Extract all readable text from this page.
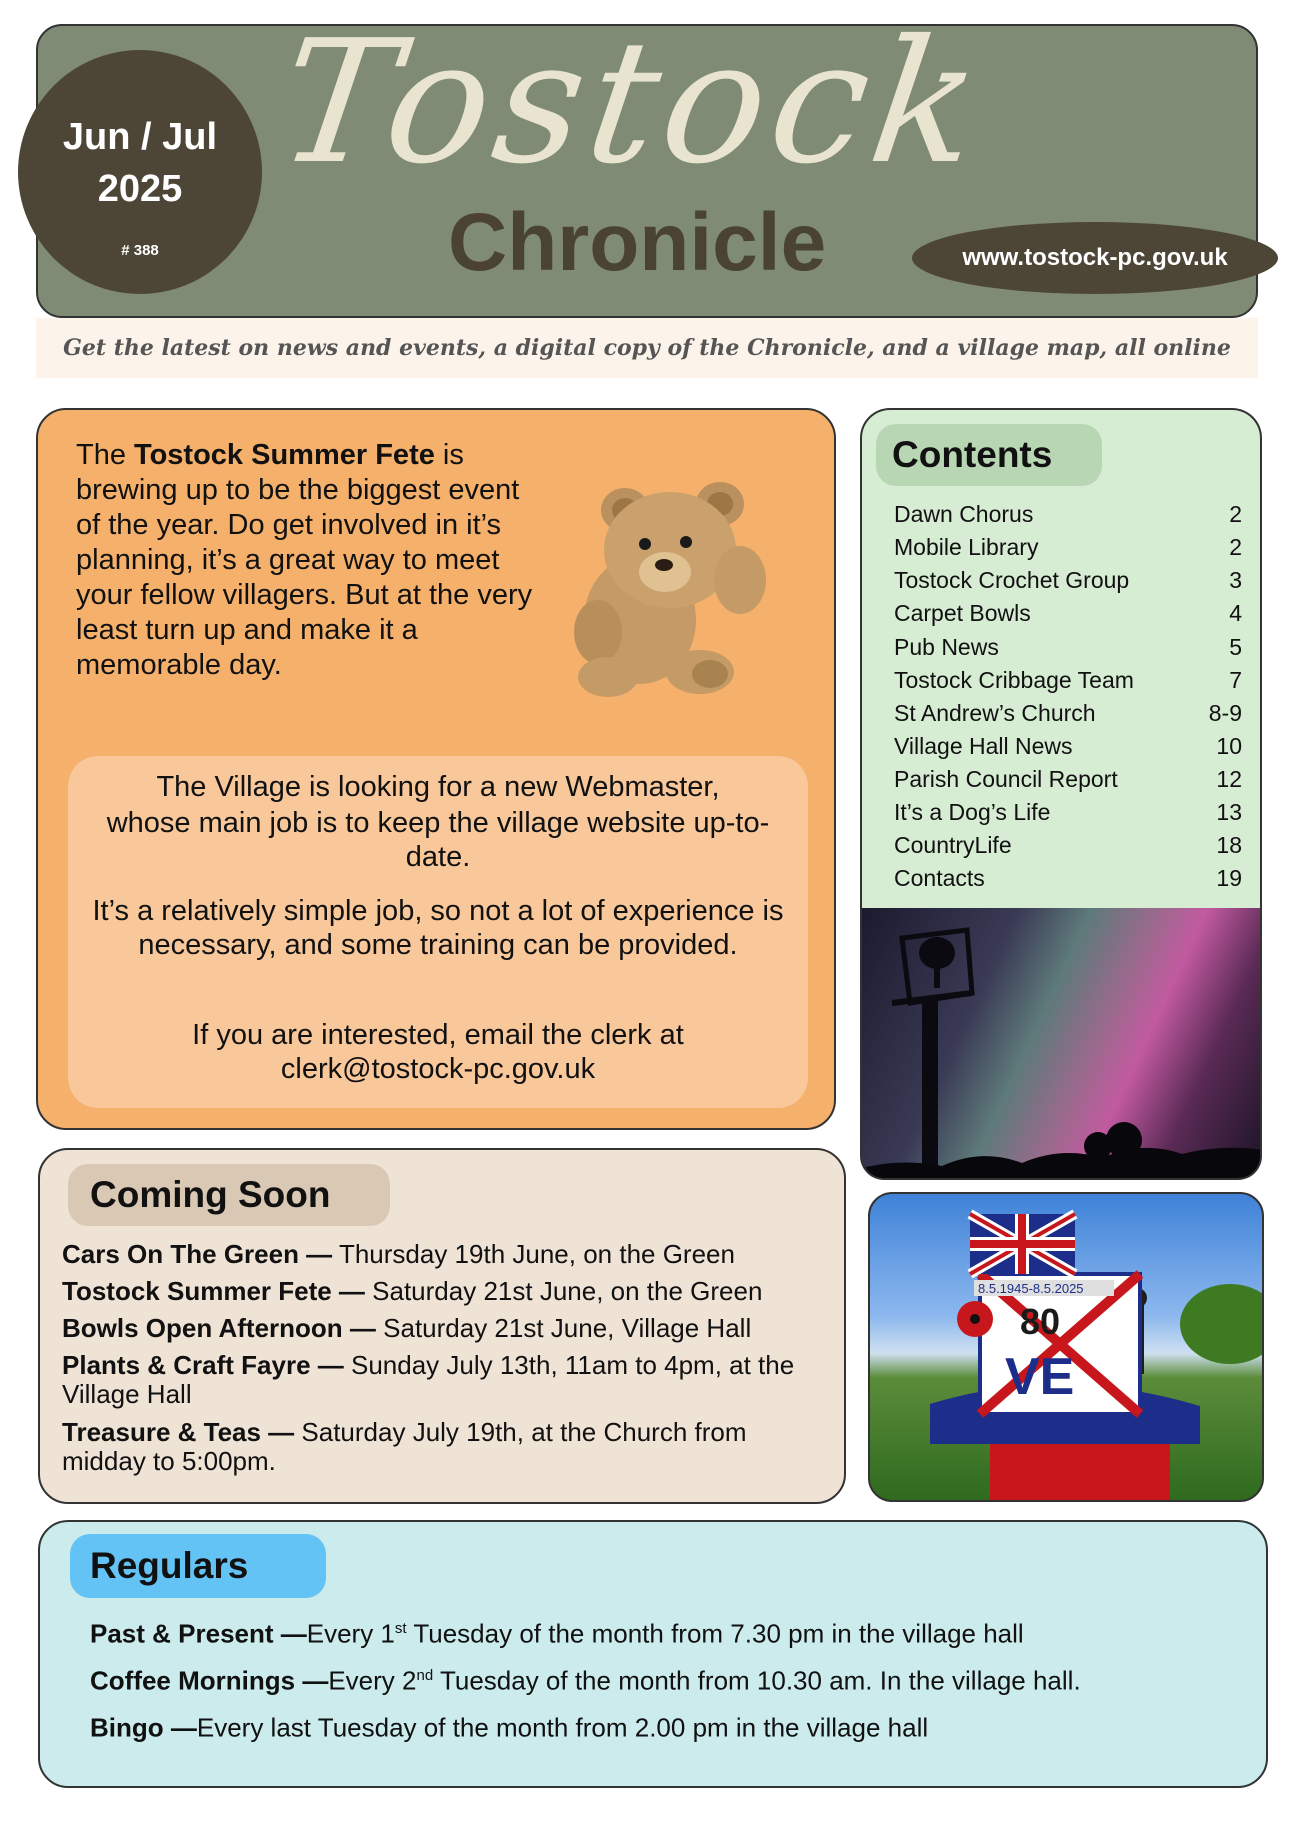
Tostock
Chronicle
Jun / Jul
2025
# 388	www.tostock-pc.gov.uk
Get the latest on news and events, a digital copy of the Chronicle, and a village map, all online
The Tostock Summer Fete is brewing up to be the biggest event of the year. Do get involved in it’s planning, it’s a great way to meet your fellow villagers. But at the very least turn up and make it a memorable day.
The Village is looking for a new Webmaster,
whose main job is to keep the village website up-to-date.
It’s a relatively simple job, so not a lot of experience is necessary, and some training can be provided.
If you are interested, email the clerk at
clerk@tostock-pc.gov.uk
Contents
Dawn Chorus	2
Mobile Library	2
Tostock Crochet Group	3
Carpet Bowls	4
Pub News	5
Tostock Cribbage Team	7
St Andrew’s Church	8-9
Village Hall News	10
Parish Council Report	12
It’s a Dog’s Life	13
CountryLife	18
Contacts	19
8.5.1945-8.5.2025
80
VE
Coming Soon
Cars On The Green — Thursday 19th June, on the Green
Tostock Summer Fete — Saturday 21st June, on the Green
Bowls Open Afternoon — Saturday 21st June, Village Hall
Plants & Craft Fayre — Sunday July 13th, 11am to 4pm, at the Village Hall
Treasure & Teas — Saturday July 19th, at the Church from midday to 5:00pm.
Regulars
Past & Present —Every 1st Tuesday of the month from 7.30 pm in the village hall
Coffee Mornings —Every 2nd Tuesday of the month from 10.30 am. In the village hall.
Bingo —Every last Tuesday of the month from 2.00 pm in the village hall
